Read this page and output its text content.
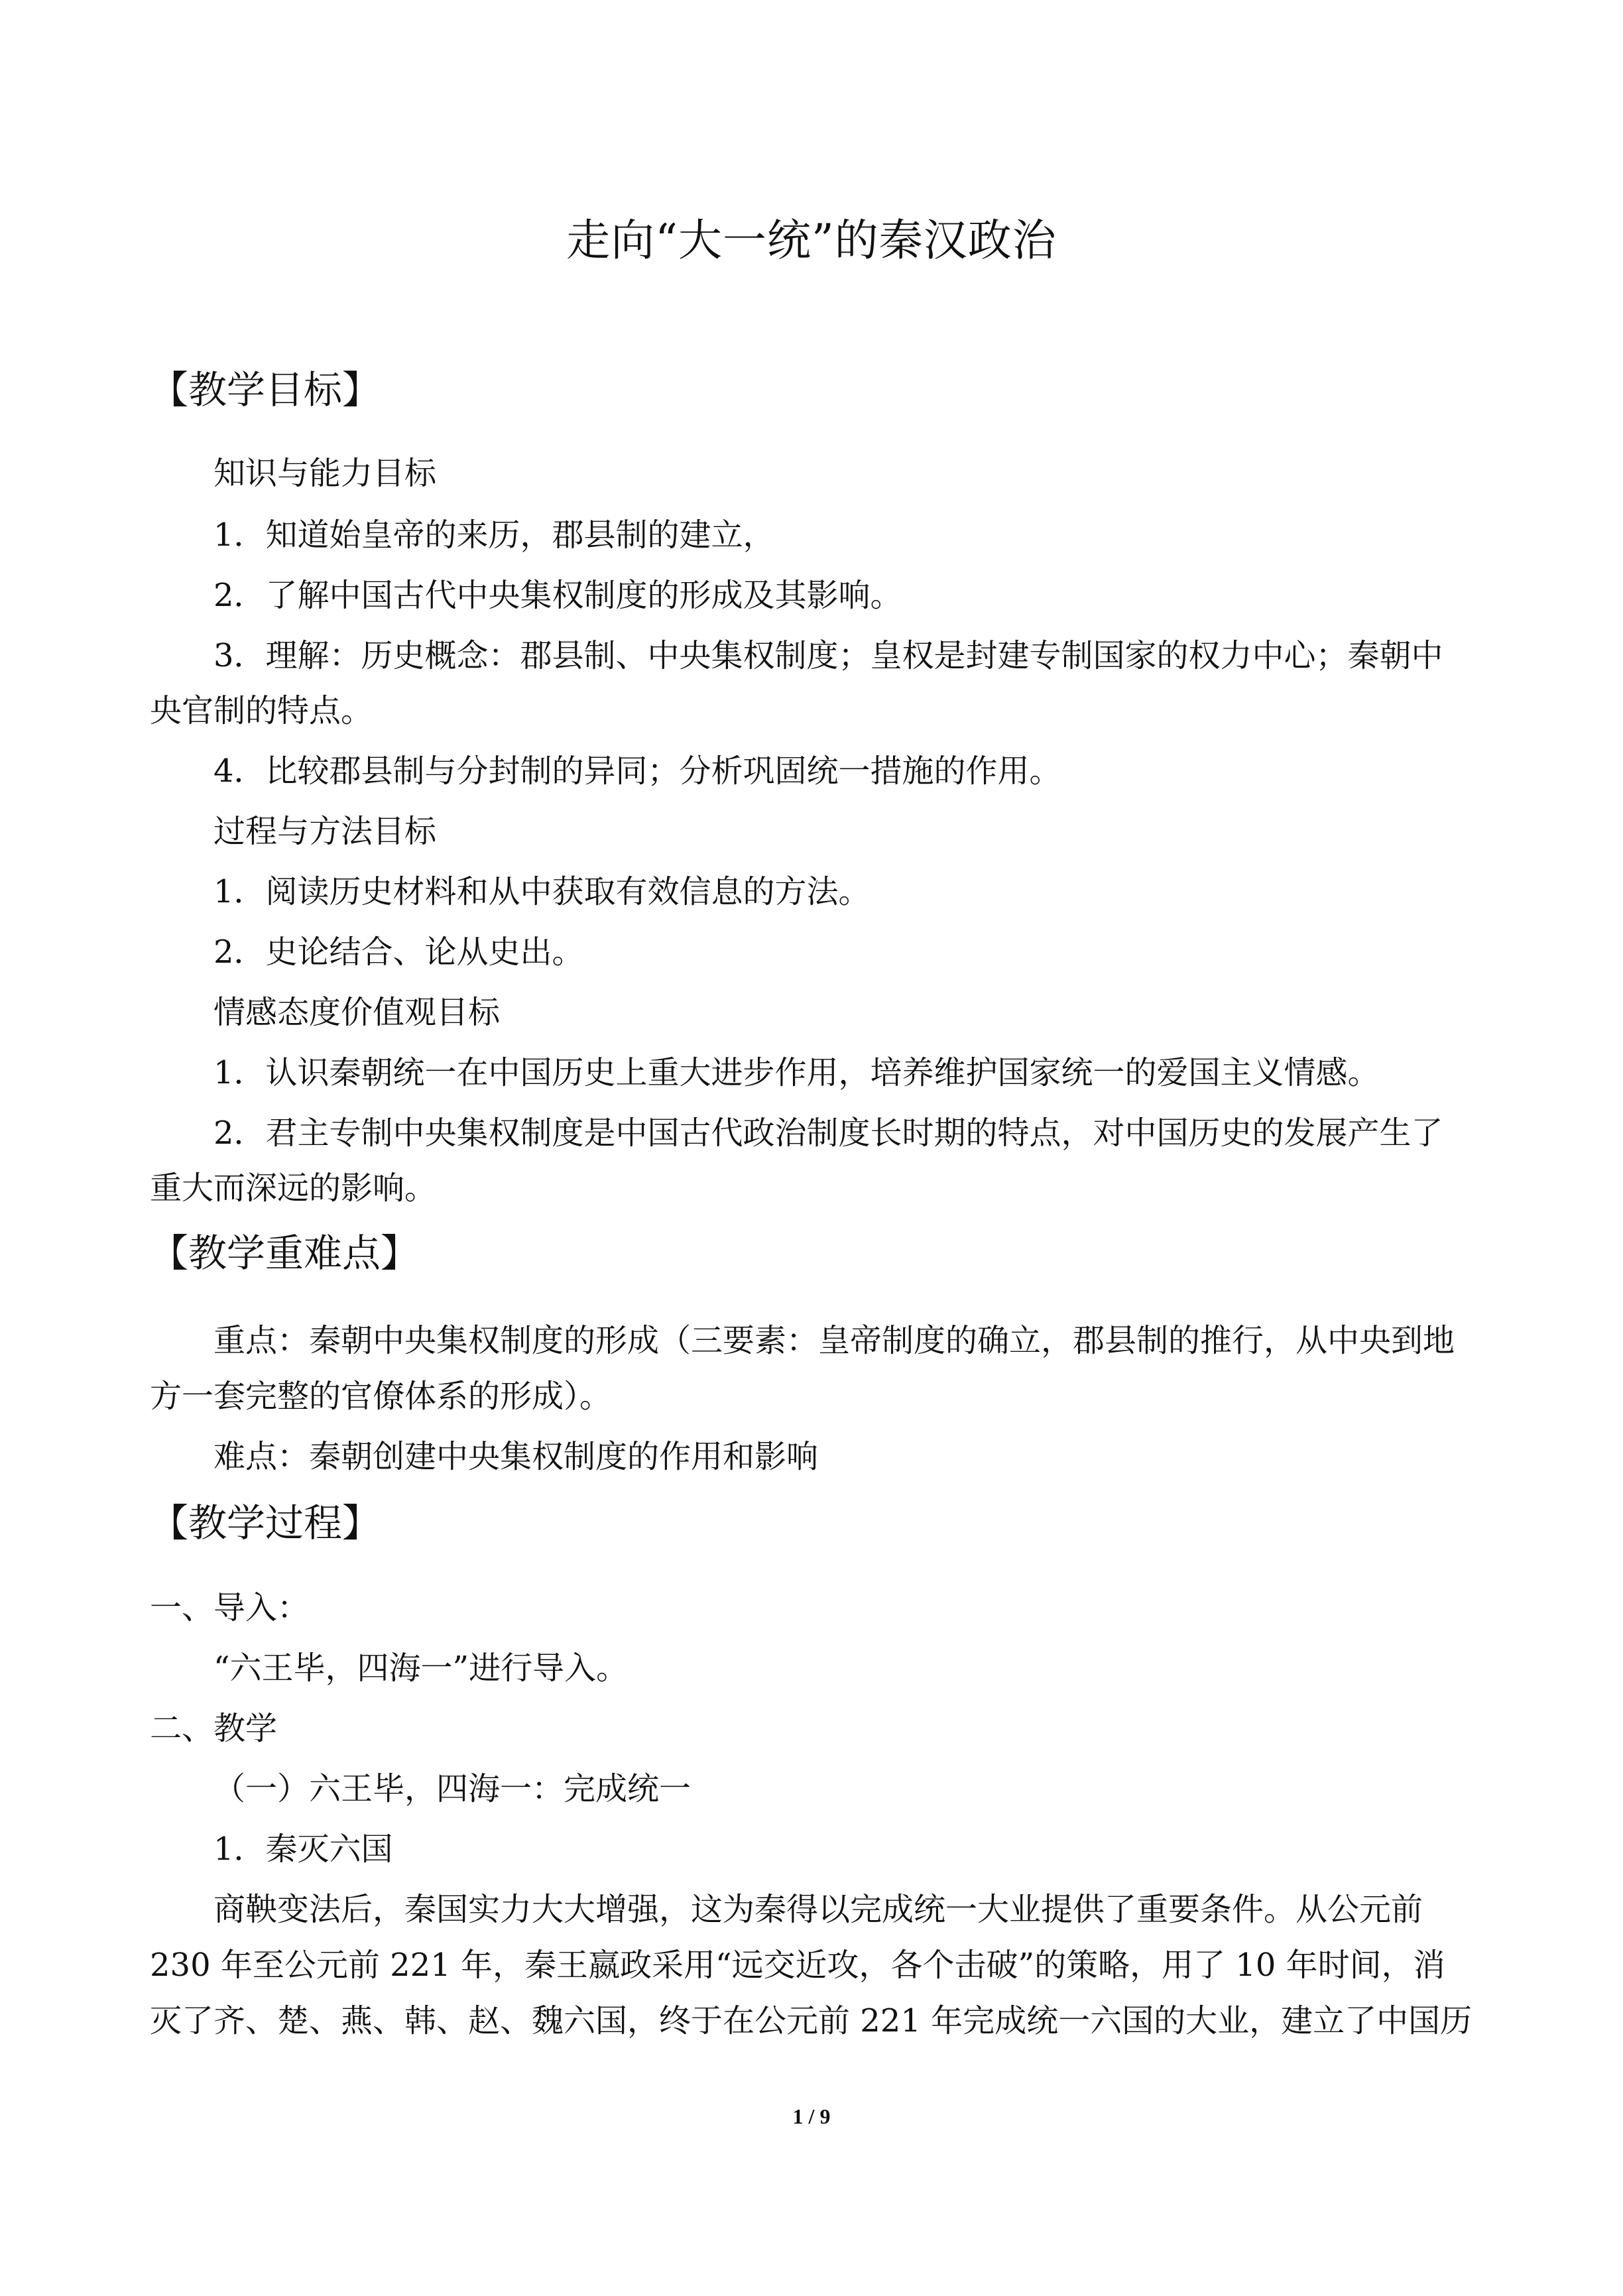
走向“大一统”的秦汉政治
【教学目标】
知识与能力目标
1．知道始皇帝的来历，郡县制的建立，
2．了解中国古代中央集权制度的形成及其影响。
3．理解：历史概念：郡县制、中央集权制度；皇权是封建专制国家的权力中心；秦朝中
央官制的特点。
4．比较郡县制与分封制的异同；分析巩固统一措施的作用。
过程与方法目标
1．阅读历史材料和从中获取有效信息的方法。
2．史论结合、论从史出。
情感态度价值观目标
1．认识秦朝统一在中国历史上重大进步作用，培养维护国家统一的爱国主义情感。
2．君主专制中央集权制度是中国古代政治制度长时期的特点，对中国历史的发展产生了
重大而深远的影响。
【教学重难点】
重点：秦朝中央集权制度的形成（三要素：皇帝制度的确立，郡县制的推行，从中央到地
方一套完整的官僚体系的形成）。
难点：秦朝创建中央集权制度的作用和影响
【教学过程】
一、导入：
“六王毕，四海一”进行导入。
二、教学
（一）六王毕，四海一：完成统一
1．秦灭六国
商鞅变法后，秦国实力大大增强，这为秦得以完成统一大业提供了重要条件。从公元前
230 年至公元前 221 年，秦王嬴政采用“远交近攻，各个击破”的策略，用了 10 年时间，消
灭了齐、楚、燕、韩、赵、魏六国，终于在公元前 221 年完成统一六国的大业，建立了中国历
1 / 9
